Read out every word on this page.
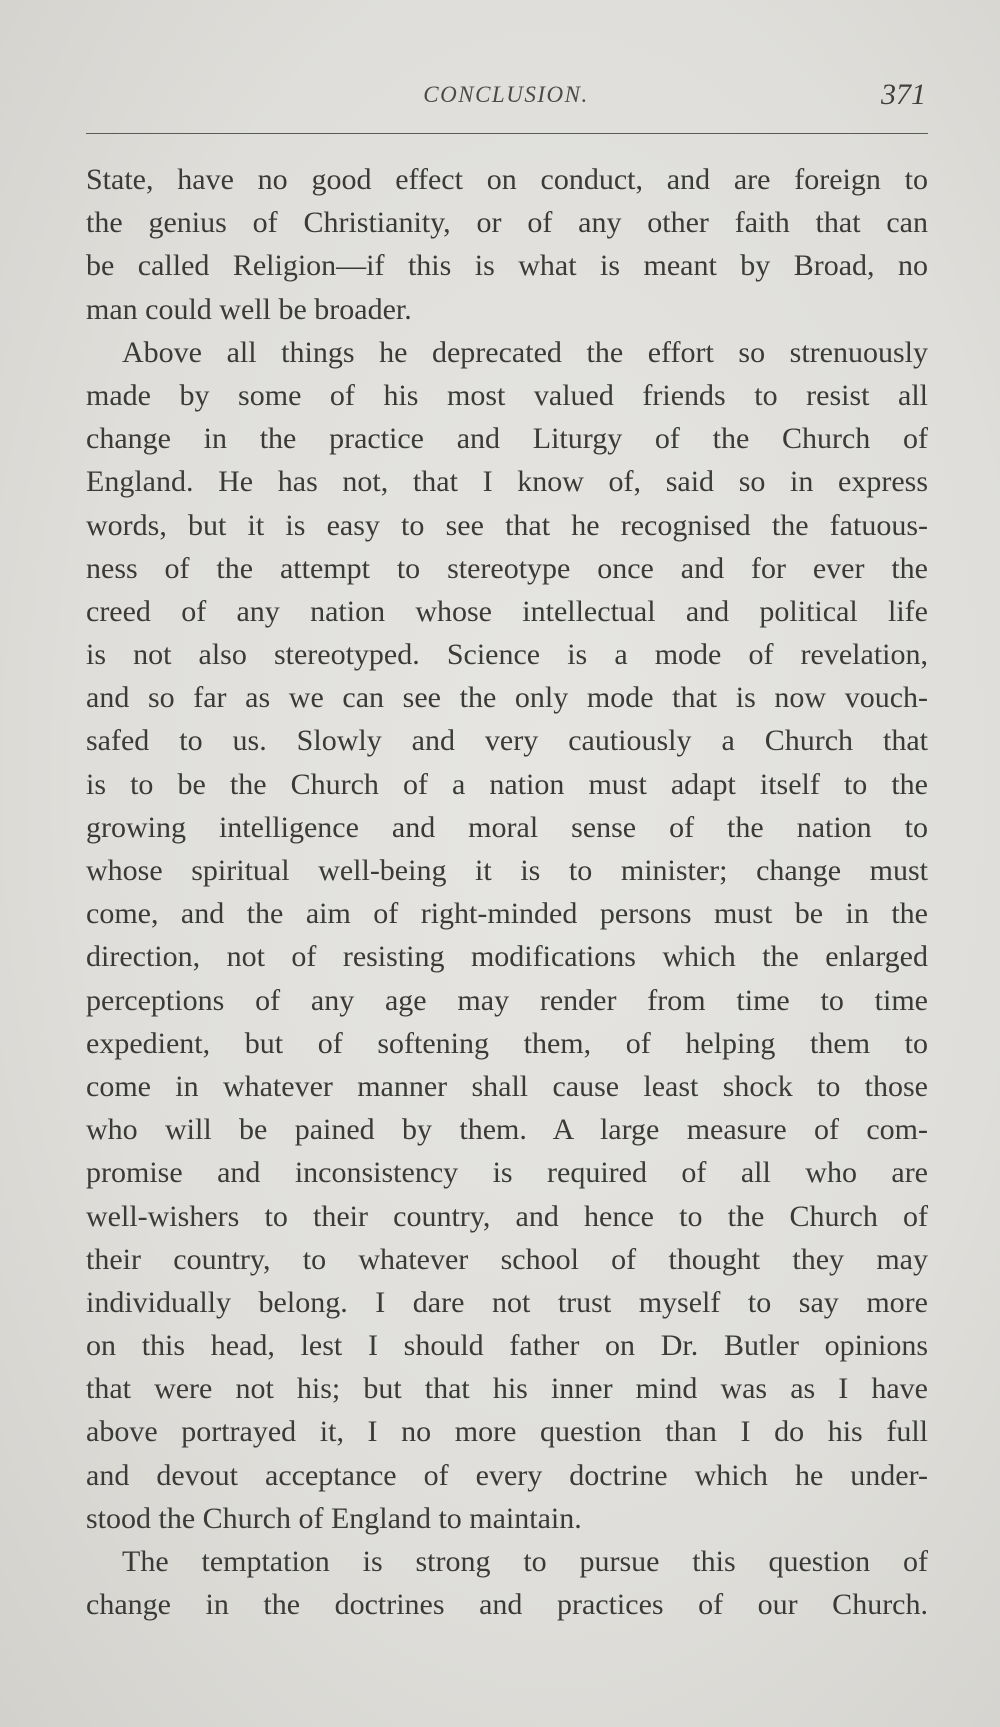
CONCLUSION.	371
State, have no good effect on conduct, and are foreign to
the genius of Christianity, or of any other faith that can
be called Religion—if this is what is meant by Broad, no
man could well be broader.
Above all things he deprecated the effort so strenuously
made by some of his most valued friends to resist all
change in the practice and Liturgy of the Church of
England. He has not, that I know of, said so in express
words, but it is easy to see that he recognised the fatuous-
ness of the attempt to stereotype once and for ever the
creed of any nation whose intellectual and political life
is not also stereotyped. Science is a mode of revelation,
and so far as we can see the only mode that is now vouch-
safed to us. Slowly and very cautiously a Church that
is to be the Church of a nation must adapt itself to the
growing intelligence and moral sense of the nation to
whose spiritual well-being it is to minister; change must
come, and the aim of right-minded persons must be in the
direction, not of resisting modifications which the enlarged
perceptions of any age may render from time to time
expedient, but of softening them, of helping them to
come in whatever manner shall cause least shock to those
who will be pained by them. A large measure of com-
promise and inconsistency is required of all who are
well-wishers to their country, and hence to the Church of
their country, to whatever school of thought they may
individually belong. I dare not trust myself to say more
on this head, lest I should father on Dr. Butler opinions
that were not his; but that his inner mind was as I have
above portrayed it, I no more question than I do his full
and devout acceptance of every doctrine which he under-
stood the Church of England to maintain.
The temptation is strong to pursue this question of
change in the doctrines and practices of our Church.
